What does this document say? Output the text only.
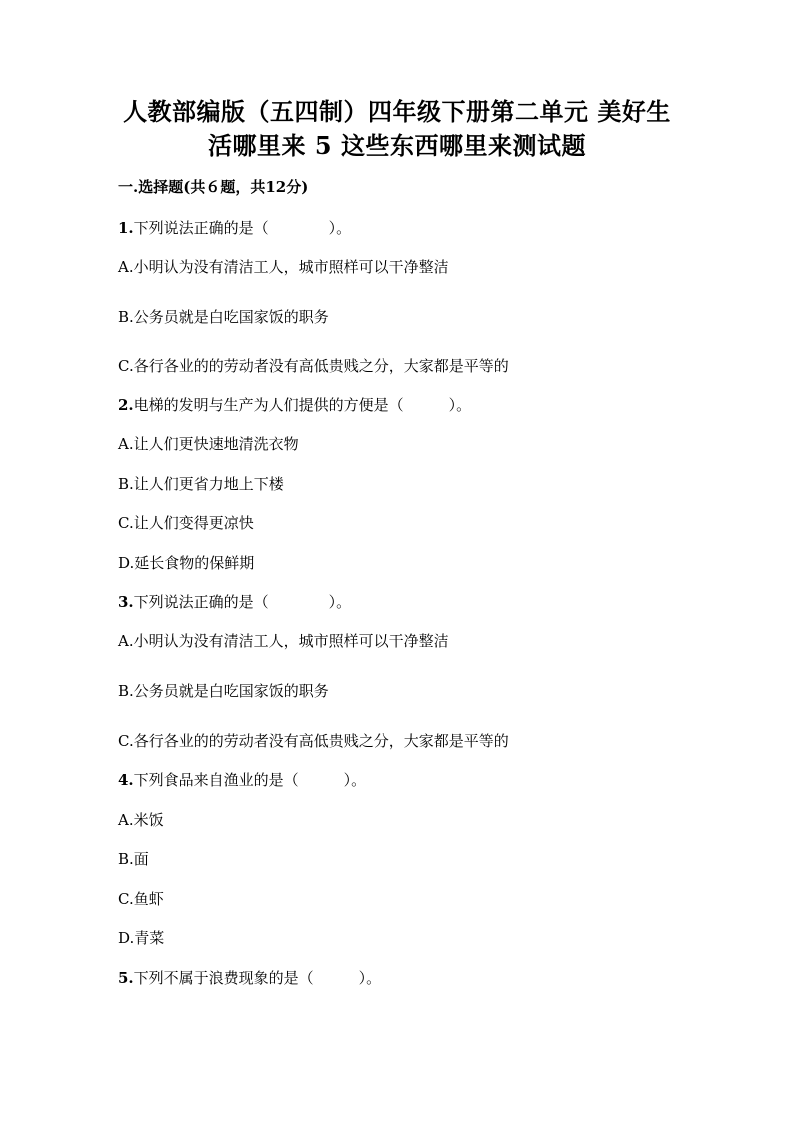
人教部编版（五四制）四年级下册第二单元 美好生
活哪里来 5 这些东西哪里来测试题
一.选择题(共６题，共12分)
1.下列说法正确的是（　　　　）。
A.小明认为没有清洁工人，城市照样可以干净整洁
B.公务员就是白吃国家饭的职务
C.各行各业的的劳动者没有高低贵贱之分，大家都是平等的
2.电梯的发明与生产为人们提供的方便是（　　　）。
A.让人们更快速地清洗衣物
B.让人们更省力地上下楼
C.让人们变得更凉快
D.延长食物的保鲜期
3.下列说法正确的是（　　　　）。
A.小明认为没有清洁工人，城市照样可以干净整洁
B.公务员就是白吃国家饭的职务
C.各行各业的的劳动者没有高低贵贱之分，大家都是平等的
4.下列食品来自渔业的是（　　　）。
A.米饭
B.面
C.鱼虾
D.青菜
5.下列不属于浪费现象的是（　　　）。
